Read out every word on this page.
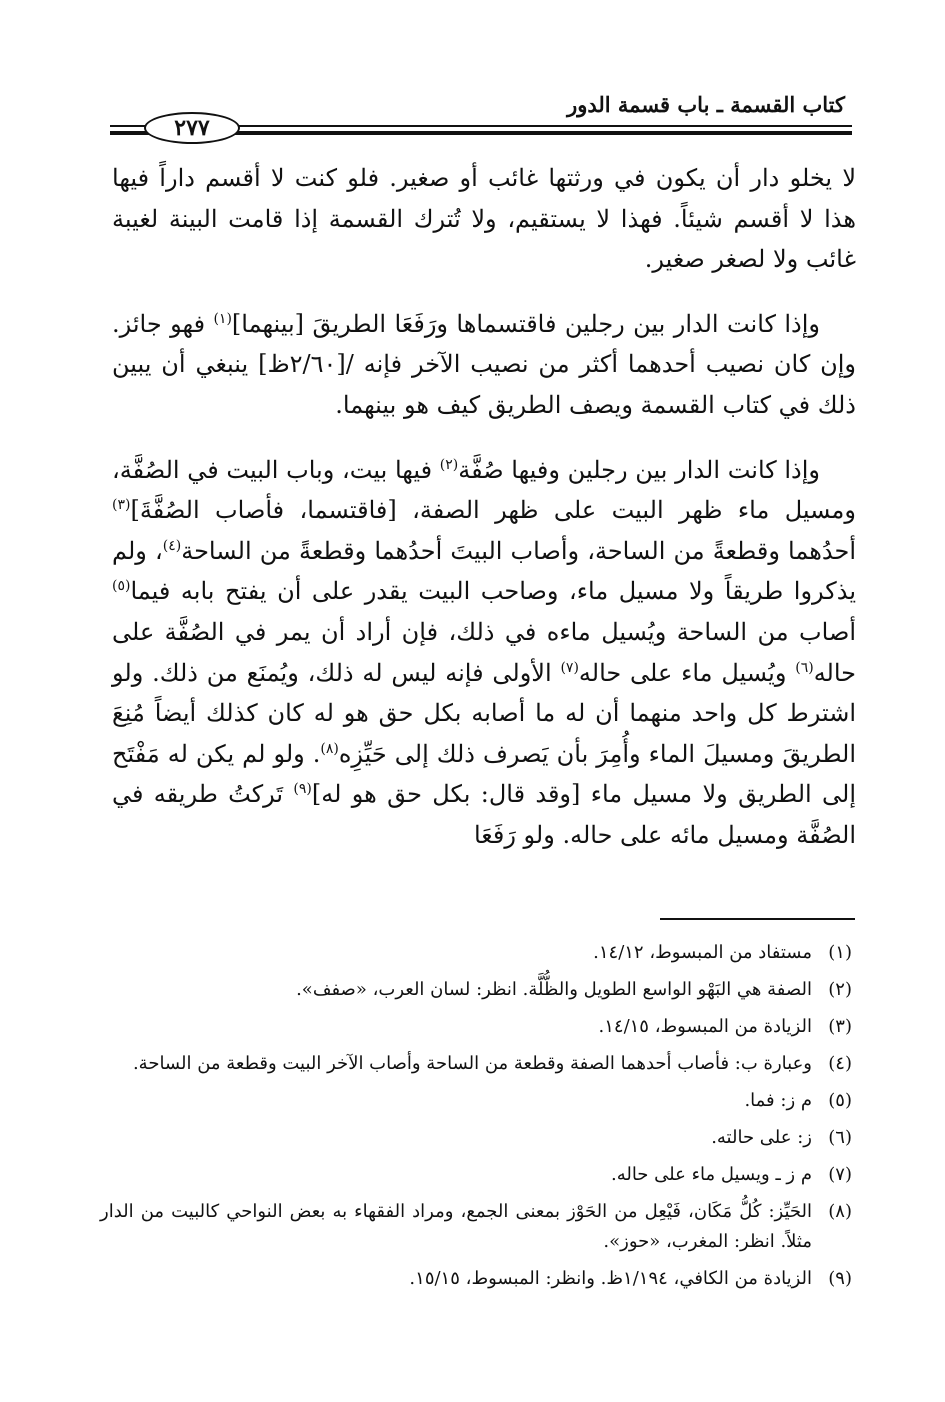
كتاب القسمة ـ باب قسمة الدور
٢٧٧

لا يخلو دار أن يكون في ورثتها غائب أو صغير. فلو كنت لا أقسم داراً فيها هذا لا أقسم شيئاً. فهذا لا يستقيم، ولا تُترك القسمة إذا قامت البينة لغيبة غائب ولا لصغر صغير.

وإذا كانت الدار بين رجلين فاقتسماها ورَفَعَا الطريقَ [بينهما]$^{(١)}$ فهو جائز. وإن كان نصيب أحدهما أكثر من نصيب الآخر فإنه /[٢/٦٠ظ] ينبغي أن يبين ذلك في كتاب القسمة ويصف الطريق كيف هو بينهما.

وإذا كانت الدار بين رجلين وفيها صُفَّة$^{(٢)}$ فيها بيت، وباب البيت في الصُفَّة، ومسيل ماء ظهر البيت على ظهر الصفة، [فاقتسما، فأصاب الصُفَّةَ]$^{(٣)}$ أحدُهما وقطعةً من الساحة، وأصاب البيتَ أحدُهما وقطعةً من الساحة$^{(٤)}$، ولم يذكروا طريقاً ولا مسيل ماء، وصاحب البيت يقدر على أن يفتح بابه فيما$^{(٥)}$ أصاب من الساحة ويُسيل ماءه في ذلك، فإن أراد أن يمر في الصُفَّة على حاله$^{(٦)}$ ويُسيل ماء على حاله$^{(٧)}$ الأولى فإنه ليس له ذلك، ويُمنَع من ذلك. ولو اشترط كل واحد منهما أن له ما أصابه بكل حق هو له كان كذلك أيضاً مُنِعَ الطريقَ ومسيلَ الماء وأُمِرَ بأن يَصرف ذلك إلى حَيِّزِه$^{(٨)}$. ولو لم يكن له مَفْتَح إلى الطريق ولا مسيل ماء [وقد قال: بكل حق هو له]$^{(٩)}$ تَركتُ طريقه في الصُفَّة ومسيل مائه على حاله. ولو رَفَعَا

(١)
مستفاد من المبسوط، ١٤/١٢.
(٢)
الصفة هي البَهْو الواسع الطويل والظُّلَّة. انظر: لسان العرب، «صفف».
(٣)
الزيادة من المبسوط، ١٤/١٥.
(٤)
وعبارة ب: فأصاب أحدهما الصفة وقطعة من الساحة وأصاب الآخر البيت وقطعة من الساحة.
(٥)
م ز: فما.
(٦)
ز: على حالته.
(٧)
م ز ـ ويسيل ماء على حاله.
(٨)
الحَيِّز: كُلُّ مَكَان، فَيْعِل من الحَوْز بمعنى الجمع، ومراد الفقهاء به بعض النواحي كالبيت من الدار مثلاً. انظر: المغرب، «حوز».
(٩)
الزيادة من الكافي، ١/١٩٤ظ. وانظر: المبسوط، ١٥/١٥.
